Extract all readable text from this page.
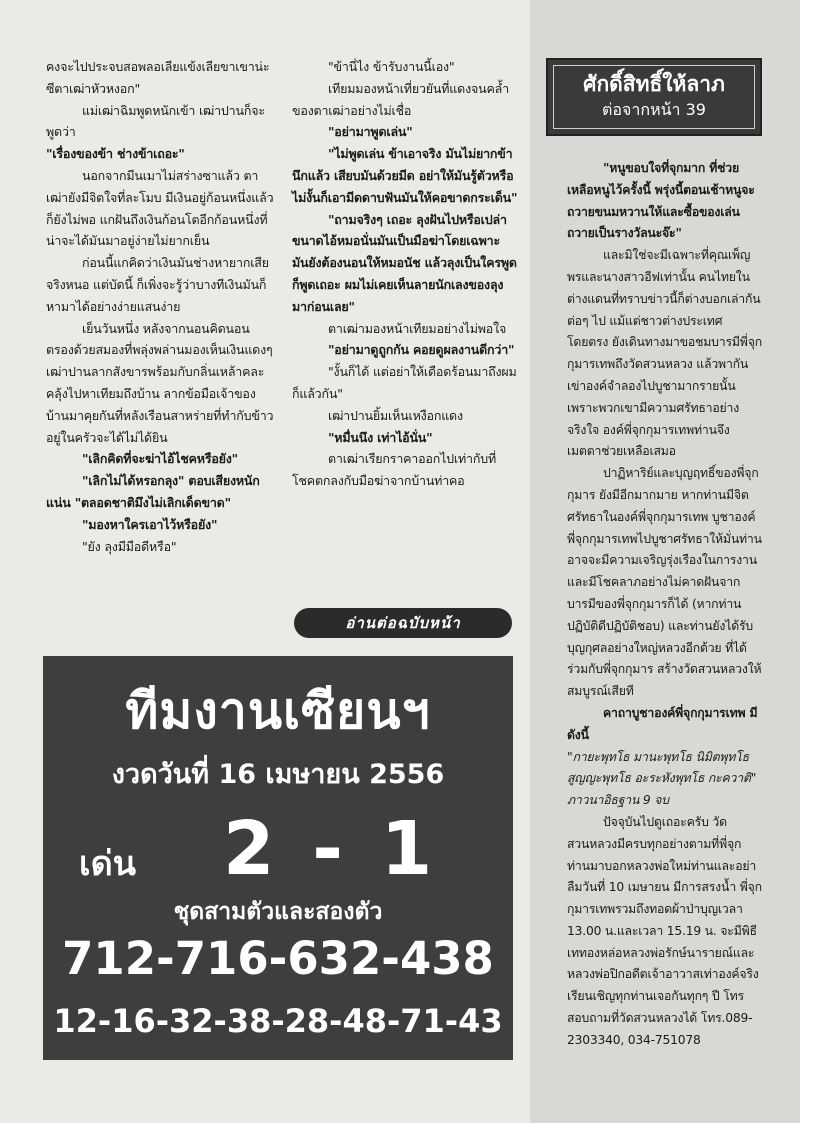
คงจะไปประจบสอพลอเลียแข้งเลียขาเขาน่ะซีตาเฒ่าหัวหงอก"

แม่เฒ่าฉิมพูดหนักเข้า เฒ่าปานก็จะพูดว่า

"เรื่องของข้า ช่างข้าเถอะ"

นอกจากมีนเมาไม่สร่างซาแล้ว ตาเฒ่ายังมีจิตใจที่ละโมบ มีเงินอยู่ก้อนหนึ่งแล้วก็ยังไม่พอ แกฝันถึงเงินก้อนโตอีกก้อนหนึ่งที่น่าจะได้มันมาอยู่ง่ายไม่ยากเย็น

ก่อนนี้แกคิดว่าเงินมันช่างหายากเสียจริงหนอ แต่บัดนี้ ก็เพิ่งจะรู้ว่าบางทีเงินมันก็หามาได้อย่างง่ายแสนง่าย

เย็นวันหนึ่ง หลังจากนอนคิดนอนตรองด้วยสมองที่พลุ่งพล่านมองเห็นเงินแดงๆเฒ่าปานลากสังขารพร้อมกับกลิ่นเหล้าคละคลุ้งไปหาเทียมถึงบ้าน ลากข้อมือเจ้าของบ้านมาคุยกันที่หลังเรือนสาหร่ายที่ทำกับข้าวอยู่ในครัวจะได้ไม่ได้ยิน

"เลิกคิดที่จะฆ่าไอ้ไชคหรือยัง"

"เลิกไม่ได้หรอกลุง" ตอบเสียงหนักแน่น "ตลอดชาติมึงไม่เลิกเด็ดขาด"

"มองหาใครเอาไว้หรือยัง"

"ยัง ลุงมีมือดีหรือ"

"ข้านี่ไง ข้ารับงานนี้เอง"

เทียมมองหน้าเที่ยวยันที่แดงจนคล้ำของตาเฒ่าอย่างไม่เชื่อ

"อย่ามาพูดเล่น"

"ไม่พูดเล่น ข้าเอาจริง มันไม่ยากข้านึกแล้ว เสียบมันด้วยมีด อย่าให้มันรู้ตัวหรือไม่งั้นก็เอามีดดาบฟันมันให้คอขาดกระเด็น"

"ถามจริงๆ เถอะ ลุงฝันไปหรือเปล่าขนาดไอ้หมอนั่นมันเป็นมือฆ่าโดยเฉพาะ มันยังต้องนอนให้หมอนัช แล้วลุงเป็นใครพูดก็พูดเถอะ ผมไม่เคยเห็นลายนักเลงของลุงมาก่อนเลย"

ตาเฒ่ามองหน้าเทียมอย่างไม่พอใจ

"อย่ามาดูถูกกัน คอยดูผลงานดีกว่า"

"งั้นก็ได้ แต่อย่าให้เดือดร้อนมาถึงผมก็แล้วกัน"

เฒ่าปานยิ้มเห็นเหงือกแดง

"หมื่นนึง เท่าไอ้นั่น"

ตาเฒ่าเรียกราคาออกไปเท่ากับที่โชคตกลงกับมือฆ่าจากบ้านท่าคอ

อ่านต่อฉบับหน้า
ศักดิ์สิทธิ์ให้ลาภ
ต่อจากหน้า 39

"หนูขอบใจที่จุกมาก ที่ช่วยเหลือหนูไว้ครั้งนี้ พรุ่งนี้ตอนเช้าหนูจะถวายขนมหวานให้และซื้อของเล่นถวายเป็นรางวัลนะจ๊ะ"

และมิใช่จะมีเฉพาะที่คุณเพ็ญพรและนางสาวอีฟเท่านั้น คนไทยในต่างแดนที่ทราบข่าวนี้ก็ต่างบอกเล่ากันต่อๆ ไป แม้แต่ชาวต่างประเทศโดยตรง ยังเดินทางมาขอชมบารมีพี่จุกกุมารเทพถึงวัดสวนหลวง แล้วพากันเข่าองค์จำลองไปบูชามากรายนั้นเพราะพวกเขามีความศรัทธาอย่างจริงใจ องค์พี่จุกกุมารเทพท่านจึงเมตตาช่วยเหลือเสมอ

ปาฏิหาริย์และบุญฤทธิ์ของพี่จุกกุมาร ยังมีอีกมากมาย หากท่านมีจิตศรัทธาในองค์พี่จุกกุมารเทพ บูชาองค์พี่จุกกุมารเทพไปบูชาศรัทธาให้มั่นท่านอาจจะมีความเจริญรุ่งเรืองในการงาน และมีโชคลาภอย่างไม่คาดฝันจากบารมีของพี่จุกกุมารก็ได้ (หากท่านปฏิบัติดีปฏิบัติชอบ) และท่านยังได้รับบุญกุศลอย่างใหญ่หลวงอีกด้วย ที่ได้ร่วมกับพี่จุกกุมาร สร้างวัดสวนหลวงให้สมบูรณ์เสียที

คาถาบูชาองค์พี่จุกกุมารเทพ มีดังนี้

"กายะพุทโธ มานะพุทโธ นิมิตพุทโธ สูญญะพุทโธ อะระหังพุทโธ กะควาติ"

ภาวนาอิธฐาน 9 จบ

ปัจจุบันไปดูเถอะครับ วัดสวนหลวงมีครบทุกอย่างตามที่พี่จุกท่านมาบอกหลวงพ่อใหม่ท่านและอย่าลืมวันที่ 10 เมษายน มีการสรงน้ำ พี่จุกกุมารเทพรวมถึงทอดผ้าป่าบุญเวลา 13.00 น.และเวลา 15.19 น. จะมีพิธีเททองหล่อหลวงพ่อรักษ์นารายณ์และหลวงพ่อปิกอดีตเจ้าอาวาสเท่าองค์จริง เรียนเชิญทุกท่านเจอกันทุกๆ ปี โทรสอบถามที่วัดสวนหลวงได้ โทร.089-2303340, 034-751078

ทีมงานเซียนฯ
งวดวันที่ 16 เมษายน 2556
เด่น 2 - 1
ชุดสามตัวและสองตัว
712-716-632-438
12-16-32-38-28-48-71-43
